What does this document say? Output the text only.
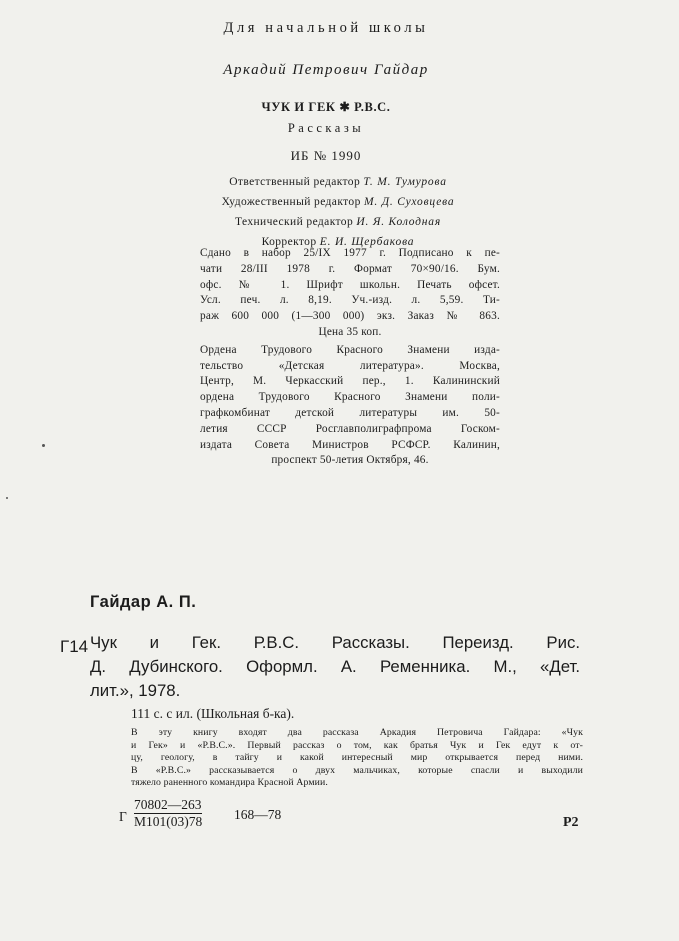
Для начальной школы
Аркадий Петрович Гайдар
ЧУК И ГЕК ✱ Р.В.С.
Рассказы
ИБ № 1990
Ответственный редактор Т. М. Тумурова
Художественный редактор М. Д. Суховцева
Технический редактор И. Я. Колодная
Корректор Е. И. Щербакова
Сдано в набор 25/IX 1977 г. Подписано к пе-
чати 28/III 1978 г. Формат 70×90/16. Бум.
офс. № 1. Шрифт школьн. Печать офсет.
Усл. печ. л. 8,19. Уч.-изд. л. 5,59. Ти-
раж 600 000 (1—300 000) экз. Заказ № 863.
Цена 35 коп.
Ордена Трудового Красного Знамени изда-
тельство «Детская литература». Москва,
Центр, М. Черкасский пер., 1. Калининский
ордена Трудового Красного Знамени поли-
графкомбинат детской литературы им. 50-
летия СССР Росглавполиграфпрома Госком-
издата Совета Министров РСФСР. Калинин,
проспект 50-летия Октября, 46.
Гайдар А. П.
Г14 Чук и Гек. Р.В.С. Рассказы. Переизд. Рис.
Д. Дубинского. Оформл. А. Ременника. М., «Дет.
лит.», 1978.
111 с. с ил. (Школьная б-ка).
В эту книгу входят два рассказа Аркадия Петровича Гайдара: «Чук
и Гек» и «Р.В.С.». Первый рассказ о том, как братья Чук и Гек едут к от-
цу, геологу, в тайгу и какой интересный мир открывается перед ними.
В «Р.В.С.» рассказывается о двух мальчиках, которые спасли и выходили
тяжело раненного командира Красной Армии.
Г
70802—263
М101(03)78 168—78
Р2
